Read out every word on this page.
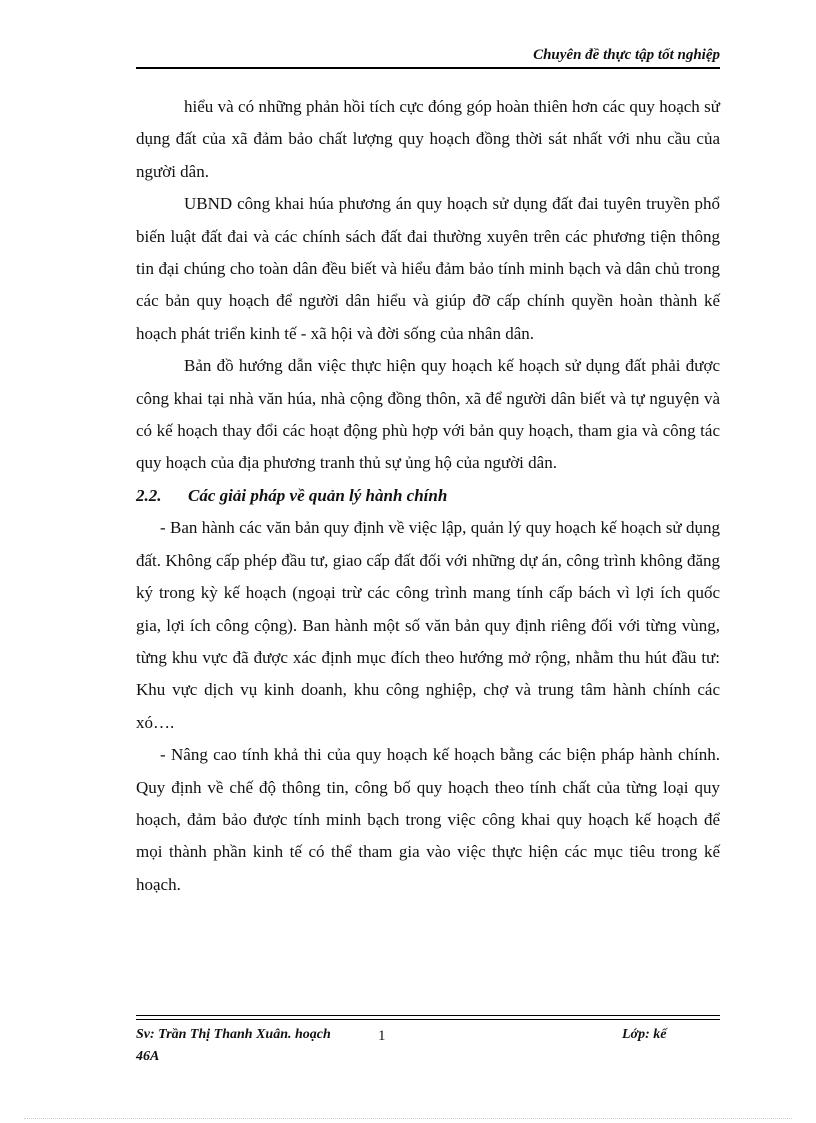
Chuyên đề thực tập tốt nghiệp

hiểu và có những phản hồi tích cực đóng góp hoàn thiên hơn các quy hoạch sử dụng đất của xã đảm bảo chất lượng quy hoạch đồng thời sát nhất với nhu cầu của người dân.

UBND công khai húa phương án quy hoạch sử dụng đất đai tuyên truyền phổ biến luật đất đai và các chính sách đất đai thường xuyên trên các phương tiện thông tin đại chúng cho toàn dân đều biết và hiểu đảm bảo tính minh bạch và dân chủ trong các bản quy hoạch để người dân hiểu và giúp đỡ cấp chính quyền hoàn thành kế hoạch phát triển kinh tế - xã hội và đời sống của nhân dân.

Bản đồ hướng dẫn việc thực hiện quy hoạch kế hoạch sử dụng đất phải được công khai tại nhà văn húa, nhà cộng đồng thôn, xã để người dân biết và tự nguyện và có kế hoạch thay đổi các hoạt động phù hợp với bản quy hoạch, tham gia và công tác quy hoạch của địa phương tranh thủ sự ủng hộ của người dân.

2.2. Các giải pháp về quản lý hành chính

- Ban hành các văn bản quy định về việc lập, quản lý quy hoạch kế hoạch sử dụng đất. Không cấp phép đầu tư, giao cấp đất đối với những dự án, công trình không đăng ký trong kỳ kế hoạch (ngoại trừ các công trình mang tính cấp bách vì lợi ích quốc gia, lợi ích công cộng). Ban hành một số văn bản quy định riêng đối với từng vùng, từng khu vực đã được xác định mục đích theo hướng mở rộng, nhằm thu hút đầu tư: Khu vực dịch vụ kinh doanh, khu công nghiệp, chợ và trung tâm hành chính các xó….

- Nâng cao tính khả thi của quy hoạch kế hoạch bằng các biện pháp hành chính. Quy định về chế độ thông tin, công bố quy hoạch theo tính chất của từng loại quy hoạch, đảm bảo được tính minh bạch trong việc công khai quy hoạch kế hoạch để mọi thành phần kinh tế có thể tham gia vào việc thực hiện các mục tiêu trong kế hoạch.

Sv: Trần Thị Thanh Xuân. hoạch 46A
1	Lớp: kế
